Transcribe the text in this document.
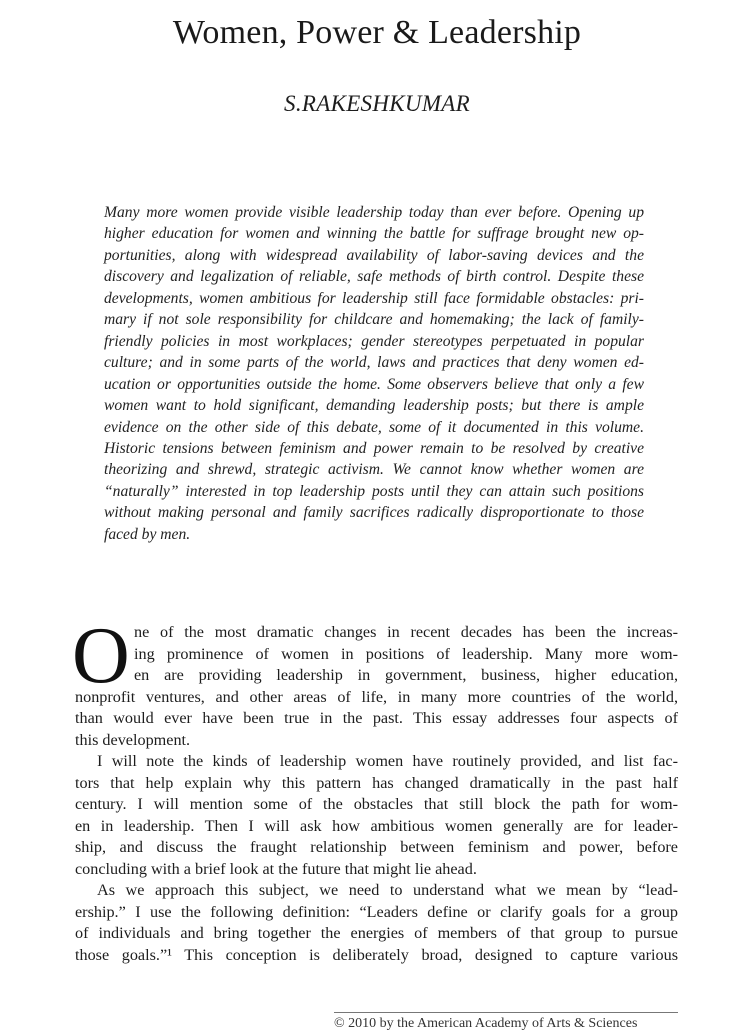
Women, Power & Leadership
S.RAKESHKUMAR
Many more women provide visible leadership today than ever before. Opening up
higher education for women and winning the battle for suffrage brought new op-
portunities, along with widespread availability of labor-saving devices and the
discovery and legalization of reliable, safe methods of birth control. Despite these
developments, women ambitious for leadership still face formidable obstacles: pri-
mary if not sole responsibility for childcare and homemaking; the lack of family-
friendly policies in most workplaces; gender stereotypes perpetuated in popular
culture; and in some parts of the world, laws and practices that deny women ed-
ucation or opportunities outside the home. Some observers believe that only a few
women want to hold significant, demanding leadership posts; but there is ample
evidence on the other side of this debate, some of it documented in this volume.
Historic tensions between feminism and power remain to be resolved by creative
theorizing and shrewd, strategic activism. We cannot know whether women are
“naturally” interested in top leadership posts until they can attain such positions
without making personal and family sacrifices radically disproportionate to those
faced by men.
O ne of the most dramatic changes in recent decades has been the increas-
ing prominence of women in positions of leadership. Many more wom-
en are providing leadership in government, business, higher education,
nonprofit ventures, and other areas of life, in many more countries of the world,
than would ever have been true in the past. This essay addresses four aspects of
this development.
I will note the kinds of leadership women have routinely provided, and list fac-
tors that help explain why this pattern has changed dramatically in the past half
century. I will mention some of the obstacles that still block the path for wom-
en in leadership. Then I will ask how ambitious women generally are for leader-
ship, and discuss the fraught relationship between feminism and power, before
concluding with a brief look at the future that might lie ahead.
As we approach this subject, we need to understand what we mean by “lead-
ership.” I use the following definition: “Leaders define or clarify goals for a group
of individuals and bring together the energies of members of that group to pursue
those goals.”¹ This conception is deliberately broad, designed to capture various
© 2010 by the American Academy of Arts & Sciences
